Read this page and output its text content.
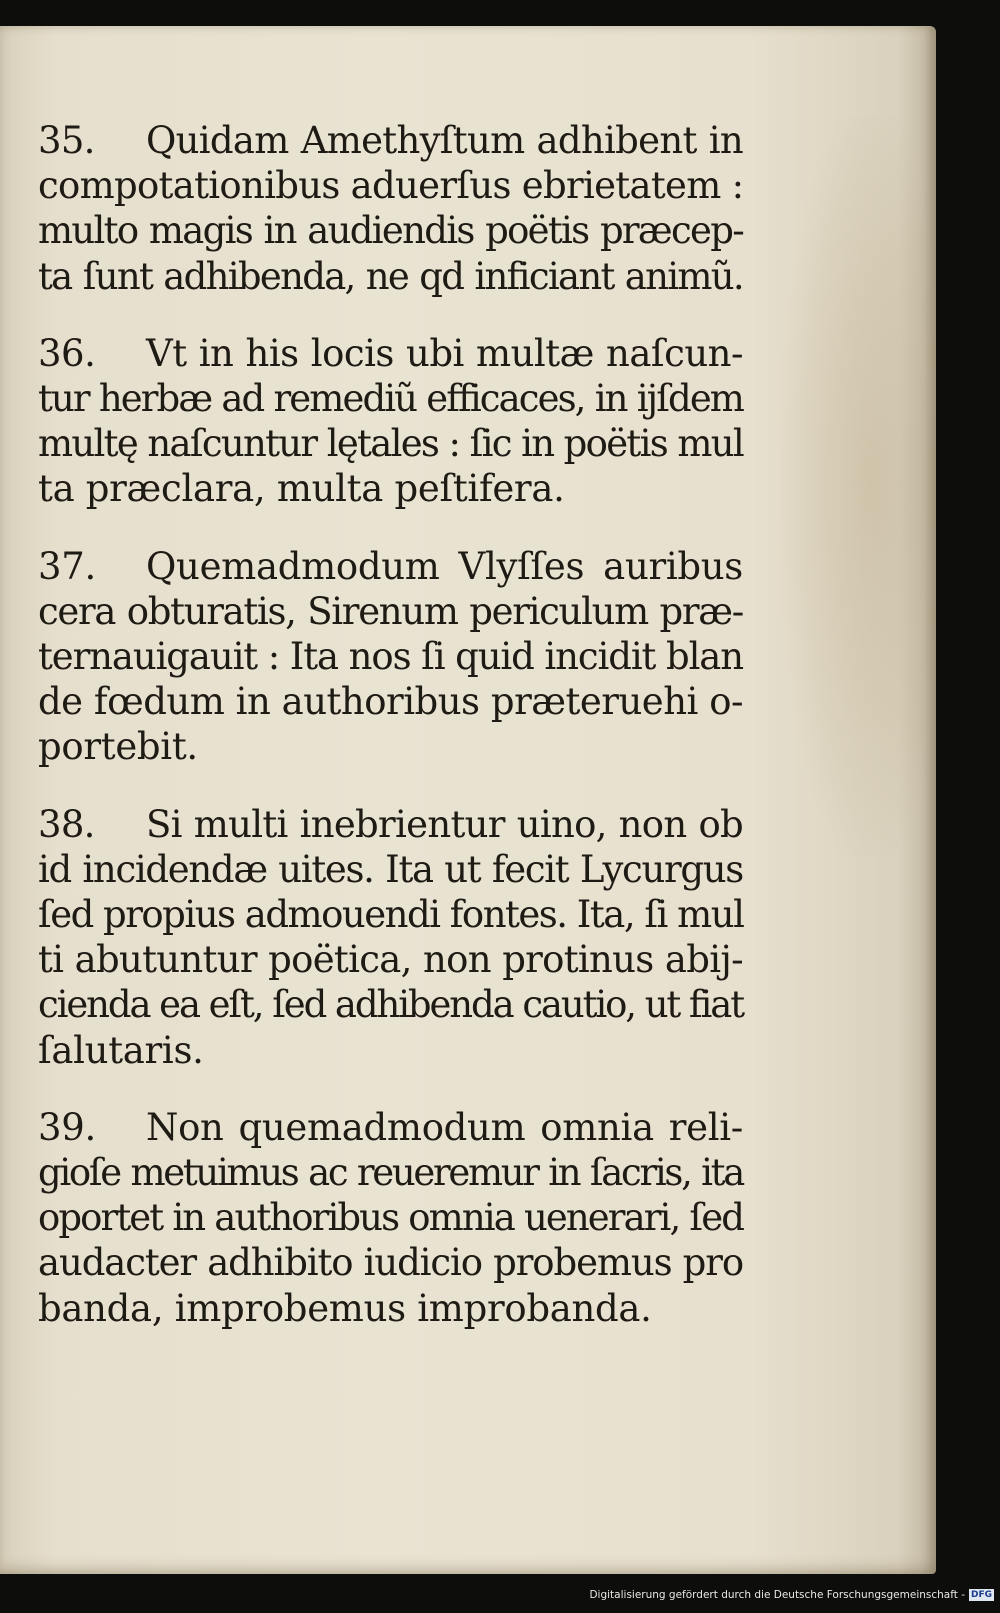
35. Quidam Amethyſtum adhibent in
compotationibus aduerſus ebrietatem :
multo magis in audiendis poëtis præcep-
ta ſunt adhibenda, ne qd inficiant animũ.
36. Vt in his locis ubi multæ naſcun-
tur herbæ ad remediũ efficaces, in ijſdem
multę naſcuntur lętales : ſic in poëtis mul
ta præclara, multa peſtifera.
37. Quemadmodum Vlyſſes auribus
cera obturatis, Sirenum periculum præ-
ternauigauit : Ita nos ſi quid incidit blan
de fœdum in authoribus præteruehi o-
portebit.
38. Si multi inebrientur uino, non ob
id incidendæ uites. Ita ut fecit Lycurgus
ſed propius admouendi fontes. Ita, ſi mul
ti abutuntur poëtica, non protinus abij-
cienda ea eſt, ſed adhibenda cautio, ut fiat
ſalutaris.
39. Non quemadmodum omnia reli-
gioſe metuimus ac reueremur in ſacris, ita
oportet in authoribus omnia uenerari, ſed
audacter adhibito iudicio probemus pro
banda, improbemus improbanda.
Digitalisierung gefördert durch die Deutsche Forschungsgemeinschaft - DFG
